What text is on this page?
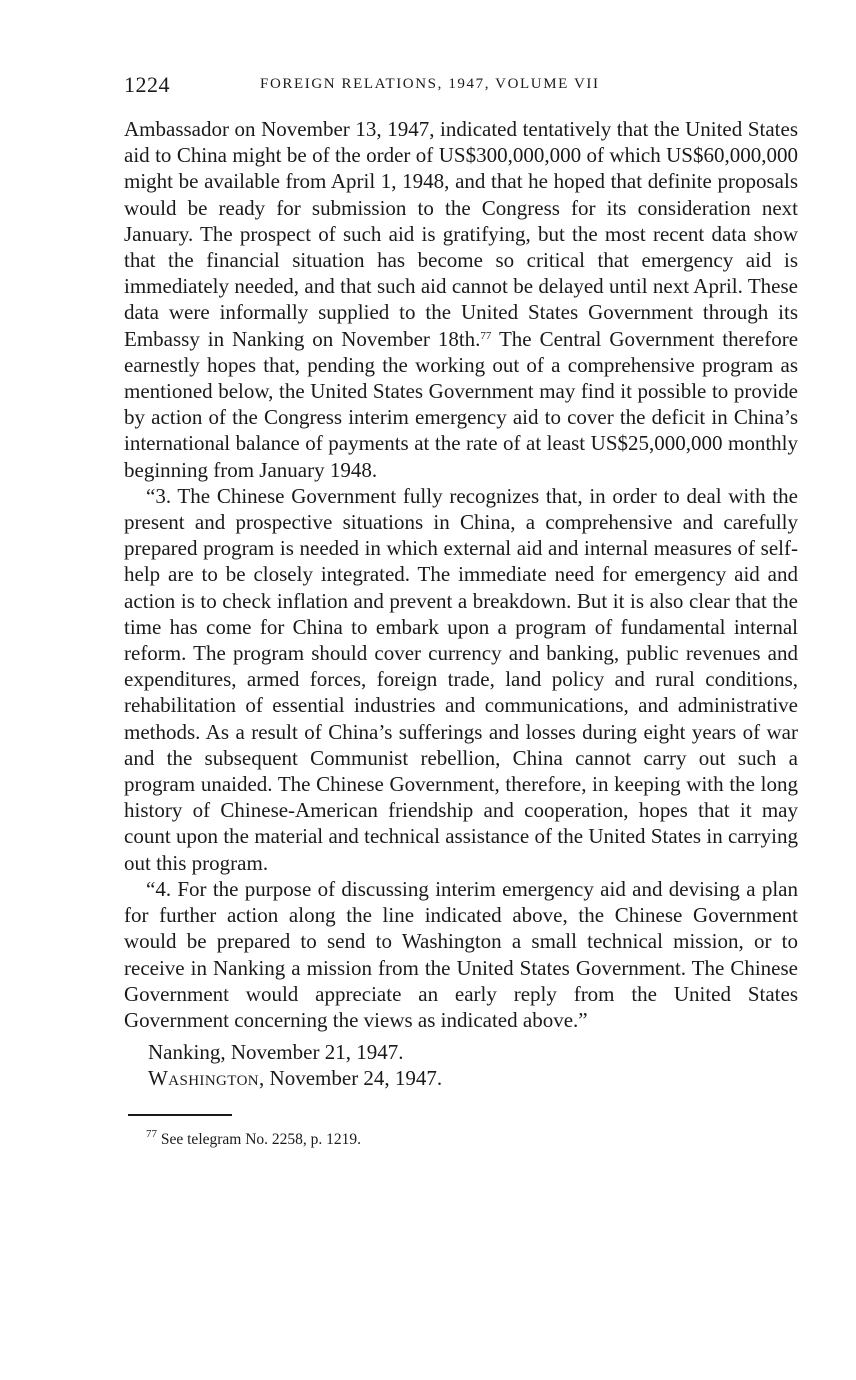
1224	FOREIGN RELATIONS, 1947, VOLUME VII

Ambassador on November 13, 1947, indicated tentatively that the United States aid to China might be of the order of US$300,000,000 of which US$60,000,000 might be available from April 1, 1948, and that he hoped that definite proposals would be ready for submission to the Congress for its consideration next January. The prospect of such aid is gratifying, but the most recent data show that the financial situation has become so critical that emergency aid is immediately needed, and that such aid cannot be delayed until next April. These data were informally supplied to the United States Government through its Embassy in Nanking on November 18th.$^{77}$ The Central Government therefore earnestly hopes that, pending the working out of a comprehensive program as mentioned below, the United States Government may find it possible to provide by action of the Congress interim emergency aid to cover the deficit in China’s international balance of payments at the rate of at least US$25,000,000 monthly beginning from January 1948.

“3. The Chinese Government fully recognizes that, in order to deal with the present and prospective situations in China, a comprehensive and carefully prepared program is needed in which external aid and internal measures of self-help are to be closely integrated. The immediate need for emergency aid and action is to check inflation and prevent a breakdown. But it is also clear that the time has come for China to embark upon a program of fundamental internal reform. The program should cover currency and banking, public revenues and expenditures, armed forces, foreign trade, land policy and rural conditions, rehabilitation of essential industries and communications, and administrative methods. As a result of China’s sufferings and losses during eight years of war and the subsequent Communist rebellion, China cannot carry out such a program unaided. The Chinese Government, therefore, in keeping with the long history of Chinese-American friendship and cooperation, hopes that it may count upon the material and technical assistance of the United States in carrying out this program.

“4. For the purpose of discussing interim emergency aid and devising a plan for further action along the line indicated above, the Chinese Government would be prepared to send to Washington a small technical mission, or to receive in Nanking a mission from the United States Government. The Chinese Government would appreciate an early reply from the United States Government concerning the views as indicated above.”

Nanking, November 21, 1947.
Washington, November 24, 1947.
$^{77}$ See telegram No. 2258, p. 1219.
